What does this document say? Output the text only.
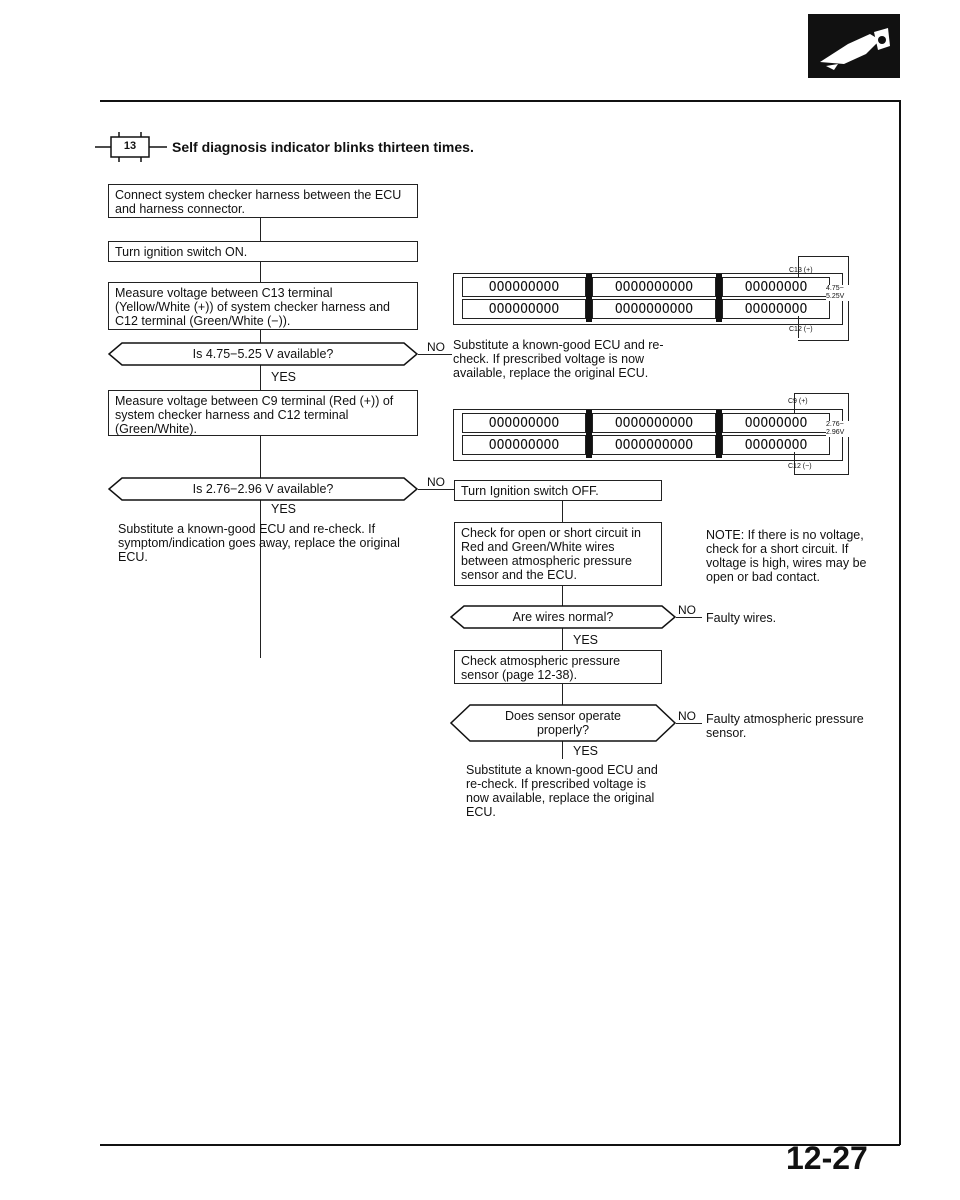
13	Self diagnosis indicator blinks thirteen times.
Connect system checker harness between the ECU and harness connector.
Turn ignition switch ON.
Measure voltage between C13 terminal (Yellow/White (+)) of system checker harness and C12 terminal (Green/White (−)).
Is 4.75−5.25 V available?	NO
YES
Measure voltage between C9 terminal (Red (+)) of system checker harness and C12 terminal (Green/White).
Is 2.76−2.96 V available?	NO
YES
Substitute a known-good ECU and re-check. If symptom/indication goes away, replace the original ECU.
Substitute a known-good ECU and re-check. If prescribed voltage is now available, replace the original ECU.
OOOOOOOOO
OOOOOOOOO
OOOOOOOOOO
OOOOOOOOOO
OOOOOOOO
OOOOOOOO
C13 (+)
C12 (−)
4.75− 5.25V
OOOOOOOOO
OOOOOOOOO
OOOOOOOOOO
OOOOOOOOOO
OOOOOOOO
OOOOOOOO
C9 (+)
C12 (−)
2.76− 2.96V
Turn Ignition switch OFF.
Check for open or short circuit in Red and Green/White wires between atmospheric pressure sensor and the ECU.
Are wires normal?	NO
Faulty wires.
YES
Check atmospheric pressure sensor (page 12-38).
Does sensor operate properly?
NO Faulty atmospheric pressure sensor.
YES
Substitute a known-good ECU and re-check. If prescribed voltage is now available, replace the original ECU.
NOTE: If there is no voltage, check for a short circuit. If voltage is high, wires may be open or bad contact.
12-27
